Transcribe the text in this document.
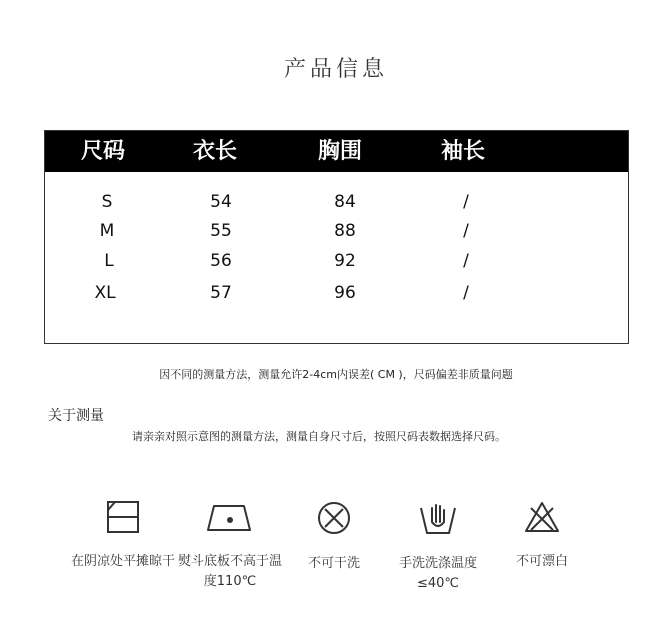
产品信息
尺码	衣长	胸围	袖长
S	54	84	/
M	55	88	/
L	56	92	/
XL	57	96	/
因不同的测量方法，测量允许2-4cm内误差( CM )，尺码偏差非质量问题
关于测量
请亲亲对照示意图的测量方法，测量自身尺寸后，按照尺码表数据选择尺码。
在阴凉处平摊晾干 熨斗底板不高于温度110℃
不可干洗	手洗洗涤温度≤40℃
不可漂白
